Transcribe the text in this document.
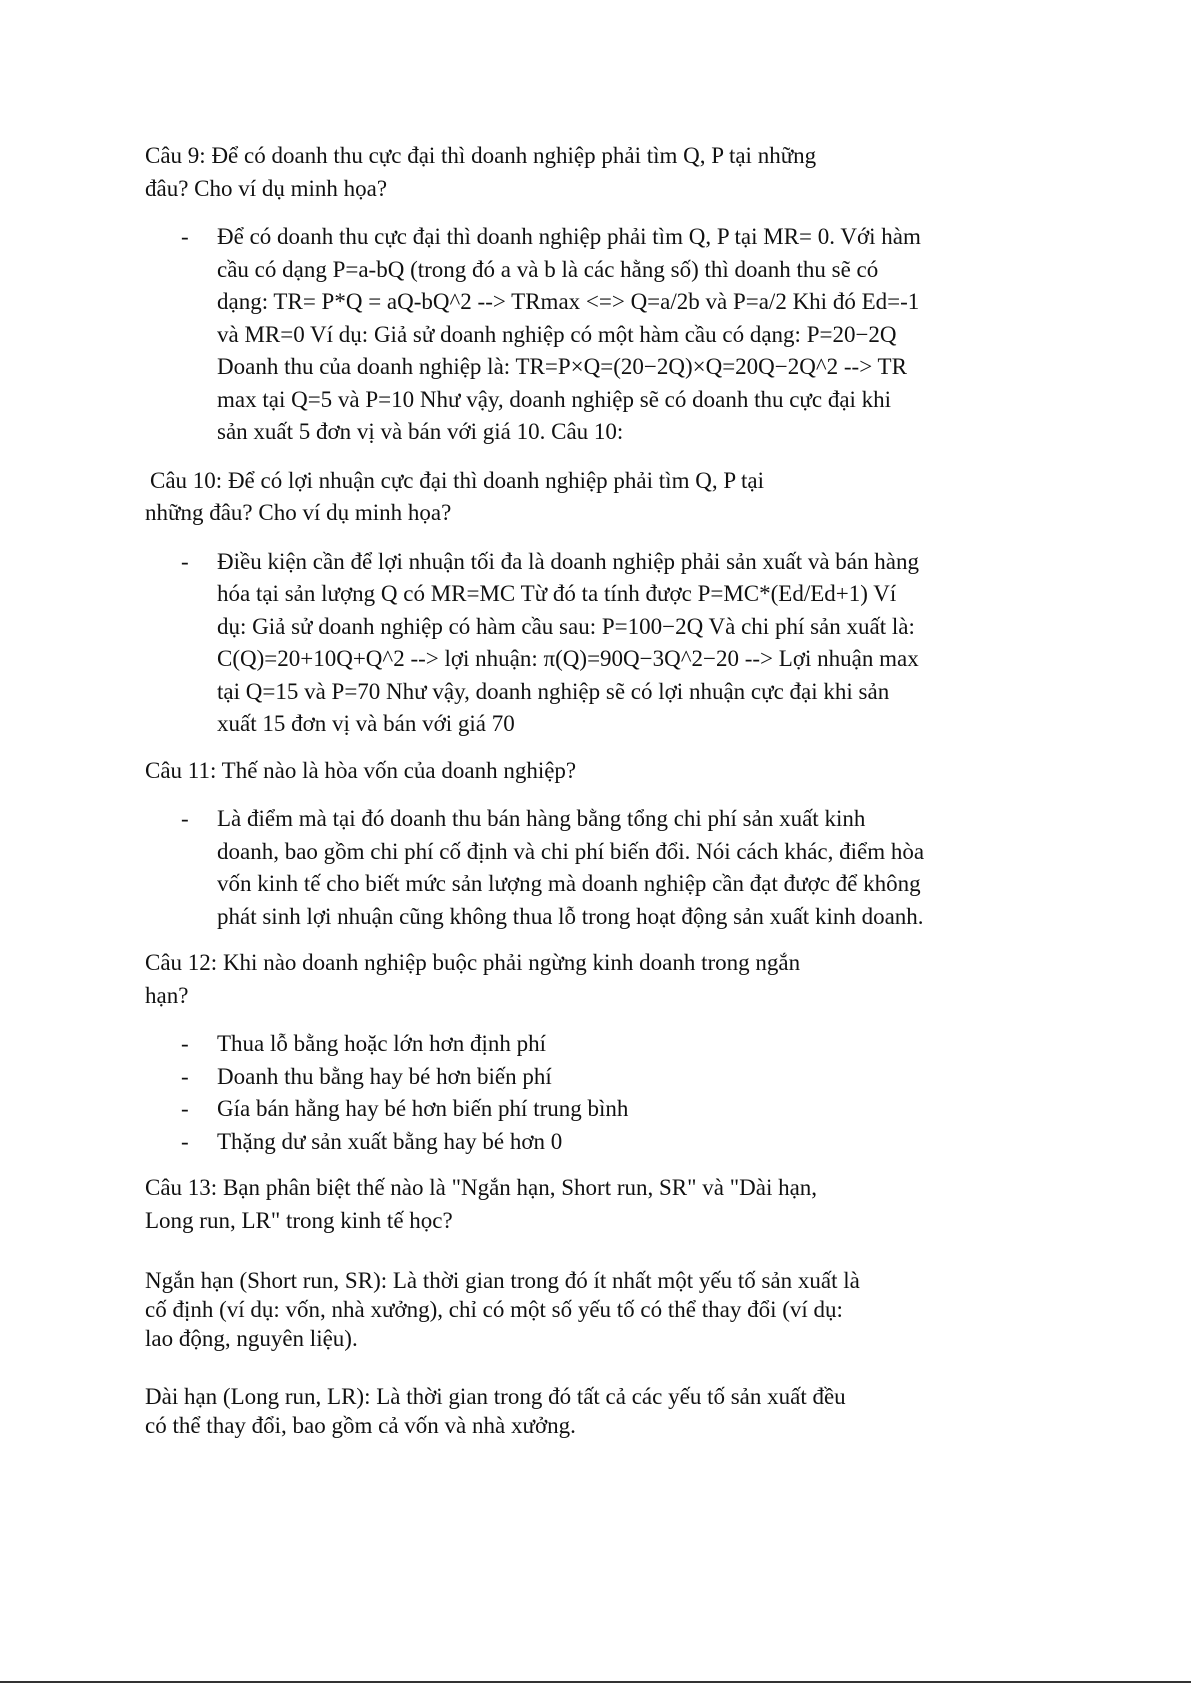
Câu 9: Để có doanh thu cực đại thì doanh nghiệp phải tìm Q, P tại những đâu? Cho ví dụ minh họa?

- Để có doanh thu cực đại thì doanh nghiệp phải tìm Q, P tại MR= 0. Với hàm cầu có dạng P=a-bQ (trong đó a và b là các hằng số) thì doanh thu sẽ có dạng: TR= P*Q = aQ-bQ^2 --> TRmax <=> Q=a/2b và P=a/2 Khi đó Ed=-1 và MR=0 Ví dụ: Giả sử doanh nghiệp có một hàm cầu có dạng: P=20−2Q Doanh thu của doanh nghiệp là: TR=P×Q=(20−2Q)×Q=20Q−2Q^2 --> TR max tại Q=5 và P=10 Như vậy, doanh nghiệp sẽ có doanh thu cực đại khi sản xuất 5 đơn vị và bán với giá 10. Câu 10:

Câu 10: Để có lợi nhuận cực đại thì doanh nghiệp phải tìm Q, P tại những đâu? Cho ví dụ minh họa?

- Điều kiện cần để lợi nhuận tối đa là doanh nghiệp phải sản xuất và bán hàng hóa tại sản lượng Q có MR=MC Từ đó ta tính được P=MC*(Ed/Ed+1) Ví dụ: Giả sử doanh nghiệp có hàm cầu sau: P=100−2Q Và chi phí sản xuất là: C(Q)=20+10Q+Q^2 --> lợi nhuận: π(Q)=90Q−3Q^2−20 --> Lợi nhuận max tại Q=15 và P=70 Như vậy, doanh nghiệp sẽ có lợi nhuận cực đại khi sản xuất 15 đơn vị và bán với giá 70

Câu 11: Thế nào là hòa vốn của doanh nghiệp?

- Là điểm mà tại đó doanh thu bán hàng bằng tổng chi phí sản xuất kinh doanh, bao gồm chi phí cố định và chi phí biến đổi. Nói cách khác, điểm hòa vốn kinh tế cho biết mức sản lượng mà doanh nghiệp cần đạt được để không phát sinh lợi nhuận cũng không thua lỗ trong hoạt động sản xuất kinh doanh.

Câu 12: Khi nào doanh nghiệp buộc phải ngừng kinh doanh trong ngắn hạn?

- Thua lỗ bằng hoặc lớn hơn định phí
- Doanh thu bằng hay bé hơn biến phí
- Gía bán hằng hay bé hơn biến phí trung bình
- Thặng dư sản xuất bằng hay bé hơn 0

Câu 13: Bạn phân biệt thế nào là "Ngắn hạn, Short run, SR" và "Dài hạn, Long run, LR" trong kinh tế học?

Ngắn hạn (Short run, SR): Là thời gian trong đó ít nhất một yếu tố sản xuất là cố định (ví dụ: vốn, nhà xưởng), chỉ có một số yếu tố có thể thay đổi (ví dụ: lao động, nguyên liệu).

Dài hạn (Long run, LR): Là thời gian trong đó tất cả các yếu tố sản xuất đều có thể thay đổi, bao gồm cả vốn và nhà xưởng.
